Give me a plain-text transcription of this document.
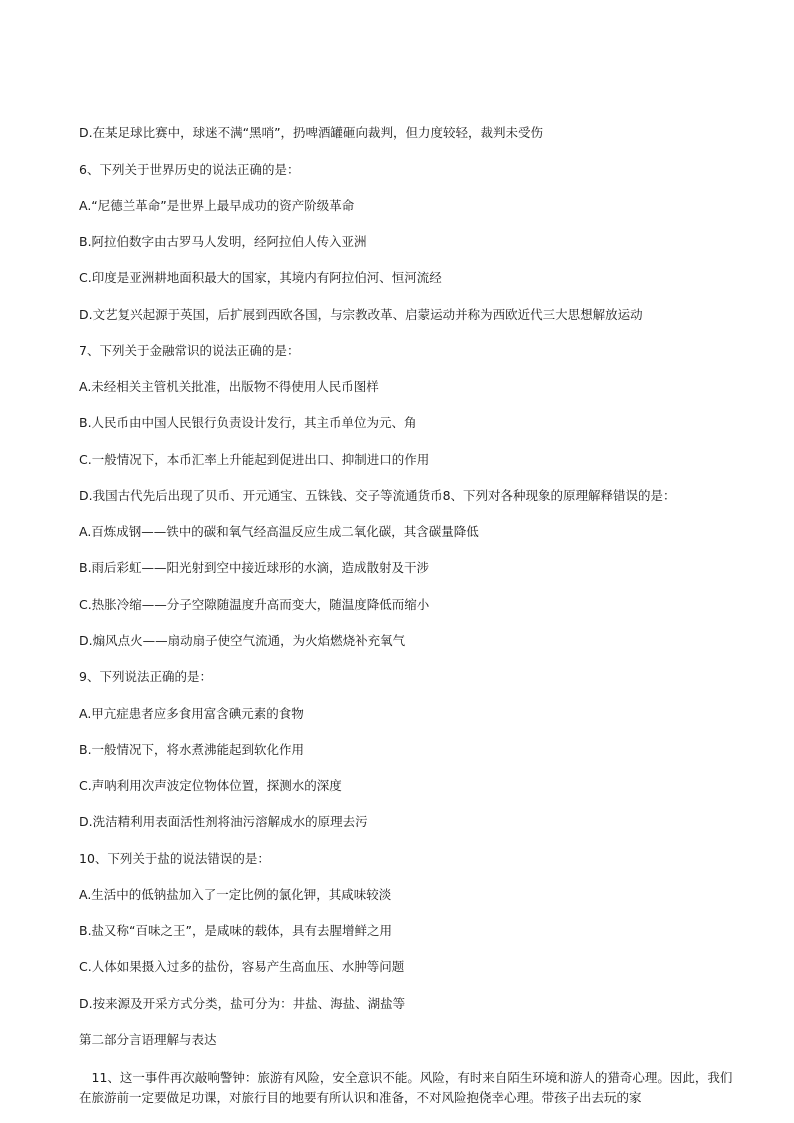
D.在某足球比赛中，球迷不满“黑哨”，扔啤酒罐砸向裁判，但力度较轻，裁判未受伤
6、下列关于世界历史的说法正确的是：
A.“尼德兰革命”是世界上最早成功的资产阶级革命
B.阿拉伯数字由古罗马人发明，经阿拉伯人传入亚洲
C.印度是亚洲耕地面积最大的国家，其境内有阿拉伯河、恒河流经
D.文艺复兴起源于英国，后扩展到西欧各国，与宗教改革、启蒙运动并称为西欧近代三大思想解放运动
7、下列关于金融常识的说法正确的是：
A.未经相关主管机关批准，出版物不得使用人民币图样
B.人民币由中国人民银行负责设计发行，其主币单位为元、角
C.一般情况下，本币汇率上升能起到促进出口、抑制进口的作用
D.我国古代先后出现了贝币、开元通宝、五铢钱、交子等流通货币8、下列对各种现象的原理解释错误的是：
A.百炼成钢——铁中的碳和氧气经高温反应生成二氧化碳，其含碳量降低
B.雨后彩虹——阳光射到空中接近球形的水滴，造成散射及干涉
C.热胀冷缩——分子空隙随温度升高而变大，随温度降低而缩小
D.煽风点火——扇动扇子使空气流通，为火焰燃烧补充氧气
9、下列说法正确的是：
A.甲亢症患者应多食用富含碘元素的食物
B.一般情况下，将水煮沸能起到软化作用
C.声呐利用次声波定位物体位置，探测水的深度
D.洗洁精利用表面活性剂将油污溶解成水的原理去污
10、下列关于盐的说法错误的是：
A.生活中的低钠盐加入了一定比例的氯化钾，其咸味较淡
B.盐又称“百味之王”，是咸味的载体，具有去腥增鲜之用
C.人体如果摄入过多的盐份，容易产生高血压、水肿等问题
D.按来源及开采方式分类，盐可分为：井盐、海盐、湖盐等
第二部分言语理解与表达
11、这一事件再次敲响警钟：旅游有风险，安全意识不能。风险，有时来自陌生环境和游人的猎奇心理。因此，我们在旅游前一定要做足功课，对旅行目的地要有所认识和准备，不对风险抱侥幸心理。带孩子出去玩的家
